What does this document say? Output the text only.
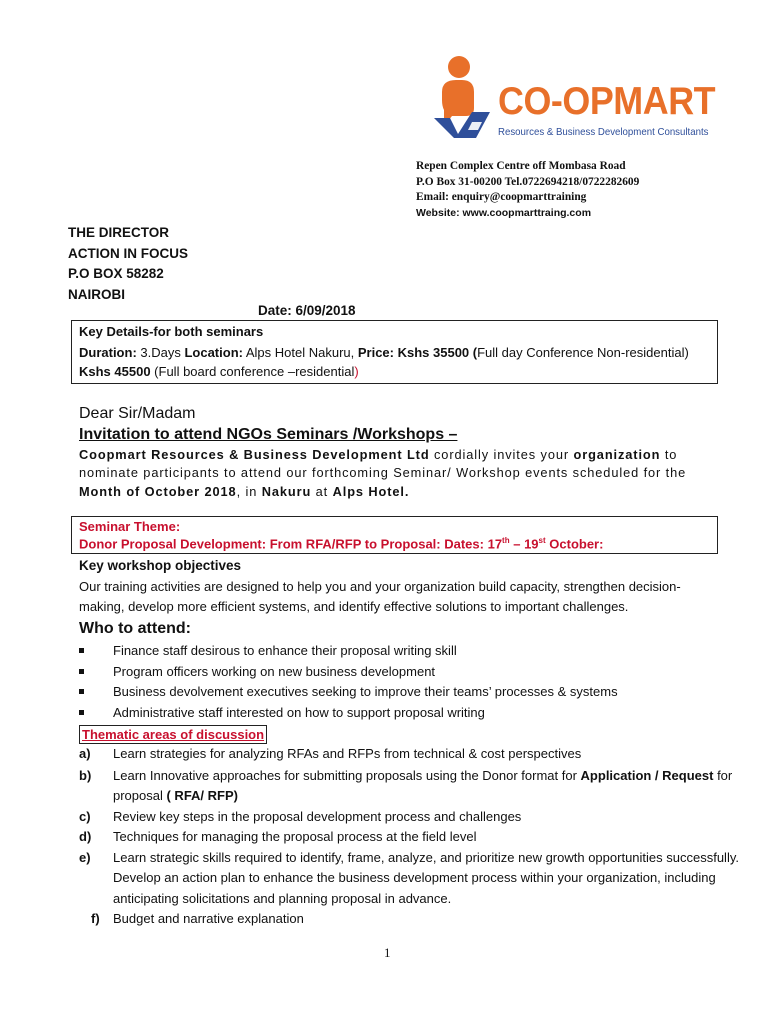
CO-OPMART
Resources & Business Development Consultants
Repen Complex Centre off Mombasa Road
P.O Box 31-00200 Tel.0722694218/0722282609
Email: enquiry@coopmarttraining
Website: www.coopmarttraing.com
THE DIRECTOR
ACTION IN FOCUS
P.O BOX 58282
NAIROBI
Date: 6/09/2018
Key Details-for both seminars
Duration: 3.Days Location: Alps Hotel Nakuru, Price: Kshs 35500 (Full day Conference Non-residential)
Kshs 45500 (Full board conference –residential)
Dear Sir/Madam
Invitation to attend NGOs Seminars /Workshops –
Coopmart Resources & Business Development Ltd cordially invites your organization to
nominate participants to attend our forthcoming Seminar/ Workshop events scheduled for the
Month of October 2018, in Nakuru at Alps Hotel.
Seminar Theme:
Donor Proposal Development: From RFA/RFP to Proposal: Dates: 17th – 19st October:
Key workshop objectives
Our training activities are designed to help you and your organization build capacity, strengthen decision-making, develop more efficient systems, and identify effective solutions to important challenges.
Who to attend:
Finance staff desirous to enhance their proposal writing skill
Program officers working on new business development
Business devolvement executives seeking to improve their teams’ processes & systems
Administrative staff interested on how to support proposal writing
Thematic areas of discussion
a) Learn strategies for analyzing RFAs and RFPs from technical & cost perspectives
b) Learn Innovative approaches for submitting proposals using the Donor format for Application / Request for
proposal ( RFA/ RFP)
c) Review key steps in the proposal development process and challenges
d) Techniques for managing the proposal process at the field level
e) Learn strategic skills required to identify, frame, analyze, and prioritize new growth opportunities successfully.
Develop an action plan to enhance the business development process within your organization, including
anticipating solicitations and planning proposal in advance.
f) Budget and narrative explanation
1
